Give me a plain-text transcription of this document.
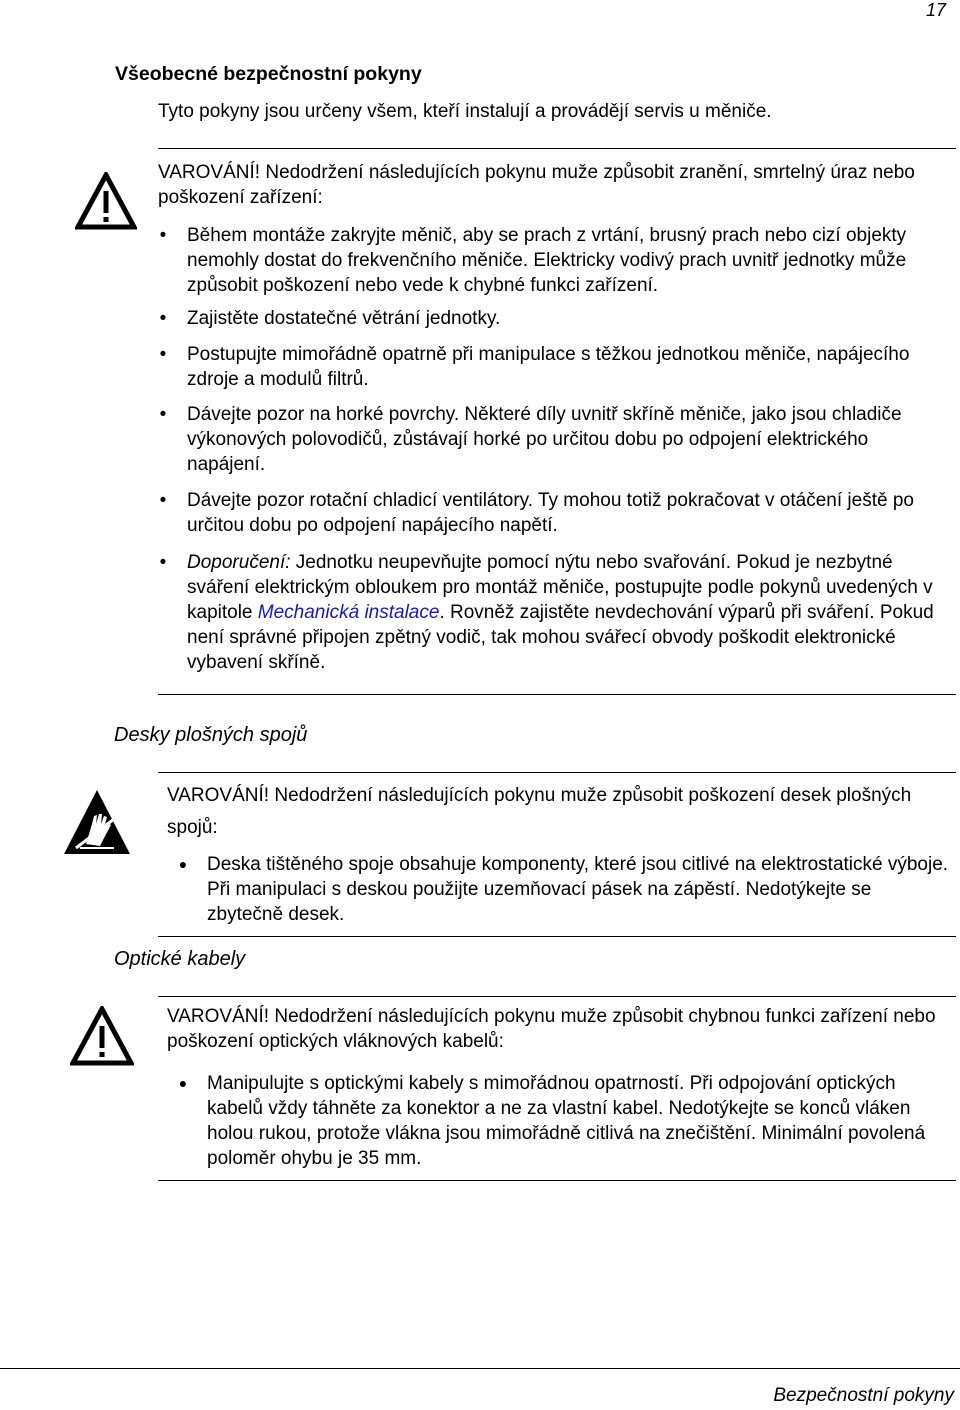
17
Všeobecné bezpečnostní pokyny
Tyto pokyny jsou určeny všem, kteří instalují a provádějí servis u měniče.
VAROVÁNÍ! Nedodržení následujících pokynu muže způsobit zranění, smrtelný úraz nebo poškození zařízení:
• Během montáže zakryjte měnič, aby se prach z vrtání, brusný prach nebo cizí objekty nemohly dostat do frekvenčního měniče. Elektricky vodivý prach uvnitř jednotky může způsobit poškození nebo vede k chybné funkci zařízení.
• Zajistěte dostatečné větrání jednotky.
• Postupujte mimořádně opatrně při manipulace s těžkou jednotkou měniče, napájecího zdroje a modulů filtrů.
• Dávejte pozor na horké povrchy. Některé díly uvnitř skříně měniče, jako jsou chladiče výkonových polovodičů, zůstávají horké po určitou dobu po odpojení elektrického napájení.
• Dávejte pozor rotační chladicí ventilátory. Ty mohou totiž pokračovat v otáčení ještě po určitou dobu po odpojení napájecího napětí.
• Doporučení: Jednotku neupevňujte pomocí nýtu nebo svařování. Pokud je nezbytné sváření elektrickým obloukem pro montáž měniče, postupujte podle pokynů uvedených v kapitole Mechanická instalace. Rovněž zajistěte nevdechování výparů při sváření. Pokud není správné připojen zpětný vodič, tak mohou svářecí obvody poškodit elektronické vybavení skříně.
Desky plošných spojů
VAROVÁNÍ! Nedodržení následujících pokynu muže způsobit poškození desek plošných spojů:
● Deska tištěného spoje obsahuje komponenty, které jsou citlivé na elektrostatické výboje. Při manipulaci s deskou použijte uzemňovací pásek na zápěstí. Nedotýkejte se zbytečně desek.
Optické kabely
VAROVÁNÍ! Nedodržení následujících pokynu muže způsobit chybnou funkci zařízení nebo poškození optických vláknových kabelů:
● Manipulujte s optickými kabely s mimořádnou opatrností. Při odpojování optických kabelů vždy táhněte za konektor a ne za vlastní kabel. Nedotýkejte se konců vláken holou rukou, protože vlákna jsou mimořádně citlivá na znečištění. Minimální povolená poloměr ohybu je 35 mm.
Bezpečnostní pokyny
